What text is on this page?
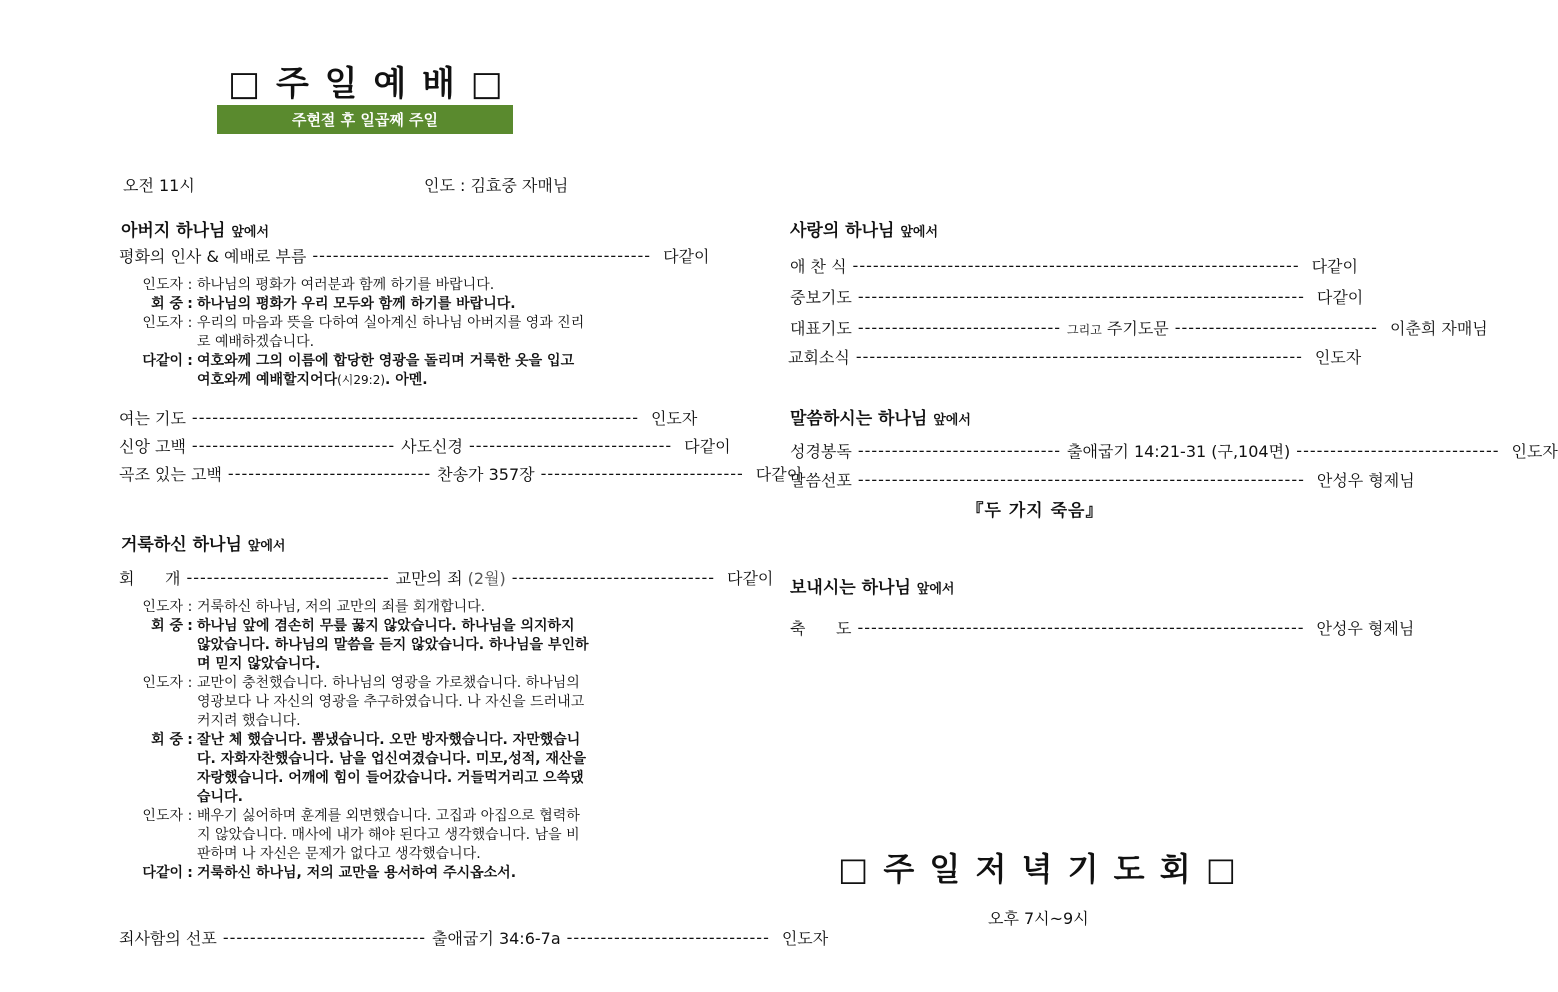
□ 주 일 예 배 □
주현절 후 일곱째 주일
오전 11시	인도 : 김효중 자매님
아버지 하나님 앞에서
평화의 인사 & 예배로 부름 -------------------------------------------------- 다같이
인도자 : 하나님의 평화가 여러분과 함께 하기를 바랍니다.
회 중 : 하나님의 평화가 우리 모두와 함께 하기를 바랍니다.
인도자 : 우리의 마음과 뜻을 다하여 실아계신 하나님 아버지를 영과 진리로 예배하겠습니다.
다같이 : 여호와께 그의 이름에 합당한 영광을 돌리며 거룩한 옷을 입고 여호와께 예배할지어다(시29:2). 아멘.
여는 기도 ------------------------------------------------------------------ 인도자
신앙 고백 ------------------------------ 사도신경 ------------------------------ 다같이
곡조 있는 고백 ------------------------------ 찬송가 357장 ------------------------------ 다같이
거룩하신 하나님 앞에서
회      개 ------------------------------ 교만의 죄 (2월) ------------------------------ 다같이
인도자 : 거룩하신 하나님, 저의 교만의 죄를 회개합니다.
회 중 : 하나님 앞에 겸손히 무릎 꿇지 않았습니다. 하나님을 의지하지 않았습니다. 하나님의 말씀을 듣지 않았습니다. 하나님을 부인하며 믿지 않았습니다.
인도자 : 교만이 충천했습니다. 하나님의 영광을 가로챘습니다. 하나님의 영광보다 나 자신의 영광을 추구하였습니다. 나 자신을 드러내고 커지려 했습니다.
회 중 : 잘난 체 했습니다. 뽐냈습니다. 오만 방자했습니다. 자만했습니다. 자화자찬했습니다. 남을 업신여겼습니다. 미모,성적, 재산을 자랑했습니다. 어깨에 힘이 들어갔습니다. 거들먹거리고 으쓱댔습니다.
인도자 : 배우기 싫어하며 훈계를 외면했습니다. 고집과 아집으로 협력하지 않았습니다. 매사에 내가 해야 된다고 생각했습니다. 남을 비판하며 나 자신은 문제가 없다고 생각했습니다.
다같이 : 거룩하신 하나님, 저의 교만을 용서하여 주시옵소서.
죄사함의 선포 ------------------------------ 출애굽기 34:6-7a ------------------------------ 인도자
사랑의 하나님 앞에서
애 찬 식 ------------------------------------------------------------------ 다같이
중보기도 ------------------------------------------------------------------ 다같이
대표기도 ------------------------------ 그리고 주기도문 ------------------------------ 이춘희 자매님
교회소식 ------------------------------------------------------------------ 인도자
말씀하시는 하나님 앞에서
성경봉독 ------------------------------ 출애굽기 14:21-31 (구,104면) ------------------------------ 인도자
말씀선포 ------------------------------------------------------------------ 안성우 형제님
『두 가지 죽음』
보내시는 하나님 앞에서
축      도 ------------------------------------------------------------------ 안성우 형제님
□ 주 일 저 녁 기 도 회 □
오후 7시~9시
